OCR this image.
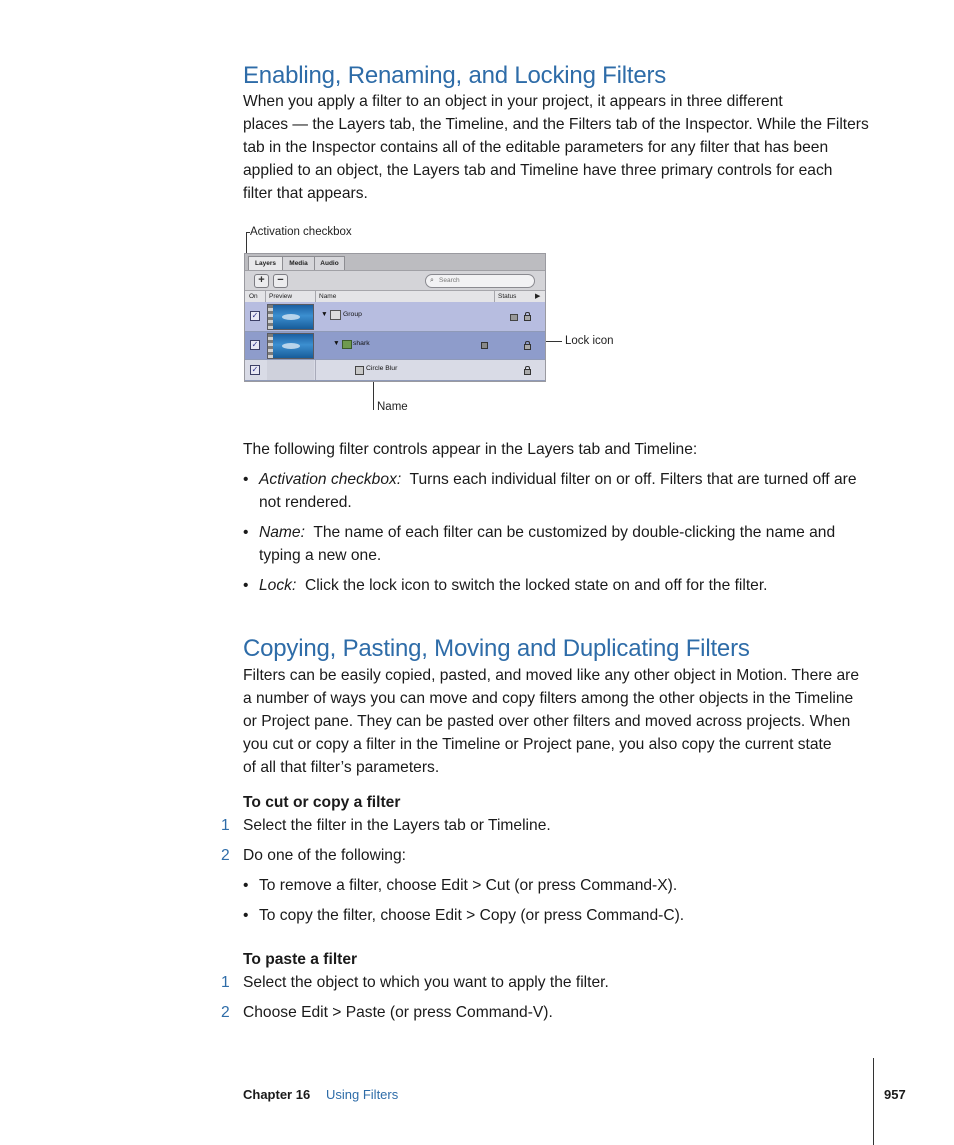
Enabling, Renaming, and Locking Filters
When you apply a filter to an object in your project, it appears in three different
places — the Layers tab, the Timeline, and the Filters tab of the Inspector. While the Filters
tab in the Inspector contains all of the editable parameters for any filter that has been
applied to an object, the Layers tab and Timeline have three primary controls for each
filter that appears.
Activation checkbox
Lock icon
Name
Layers	Media	Audio
+	−	⌕ Search
On Preview	Name	Status	▶
✓	▼ Group
✓	▼ shark
✓	Circle Blur
The following filter controls appear in the Layers tab and Timeline:
• Activation checkbox: Turns each individual filter on or off. Filters that are turned off are
not rendered.
• Name: The name of each filter can be customized by double-clicking the name and
typing a new one.
• Lock: Click the lock icon to switch the locked state on and off for the filter.
Copying, Pasting, Moving and Duplicating Filters
Filters can be easily copied, pasted, and moved like any other object in Motion. There are
a number of ways you can move and copy filters among the other objects in the Timeline
or Project pane. They can be pasted over other filters and moved across projects. When
you cut or copy a filter in the Timeline or Project pane, you also copy the current state
of all that filter’s parameters.
To cut or copy a filter
1 Select the filter in the Layers tab or Timeline.
2 Do one of the following:
• To remove a filter, choose Edit > Cut (or press Command-X).
• To copy the filter, choose Edit > Copy (or press Command-C).
To paste a filter
1 Select the object to which you want to apply the filter.
2 Choose Edit > Paste (or press Command-V).
Chapter 16 Using Filters	957
